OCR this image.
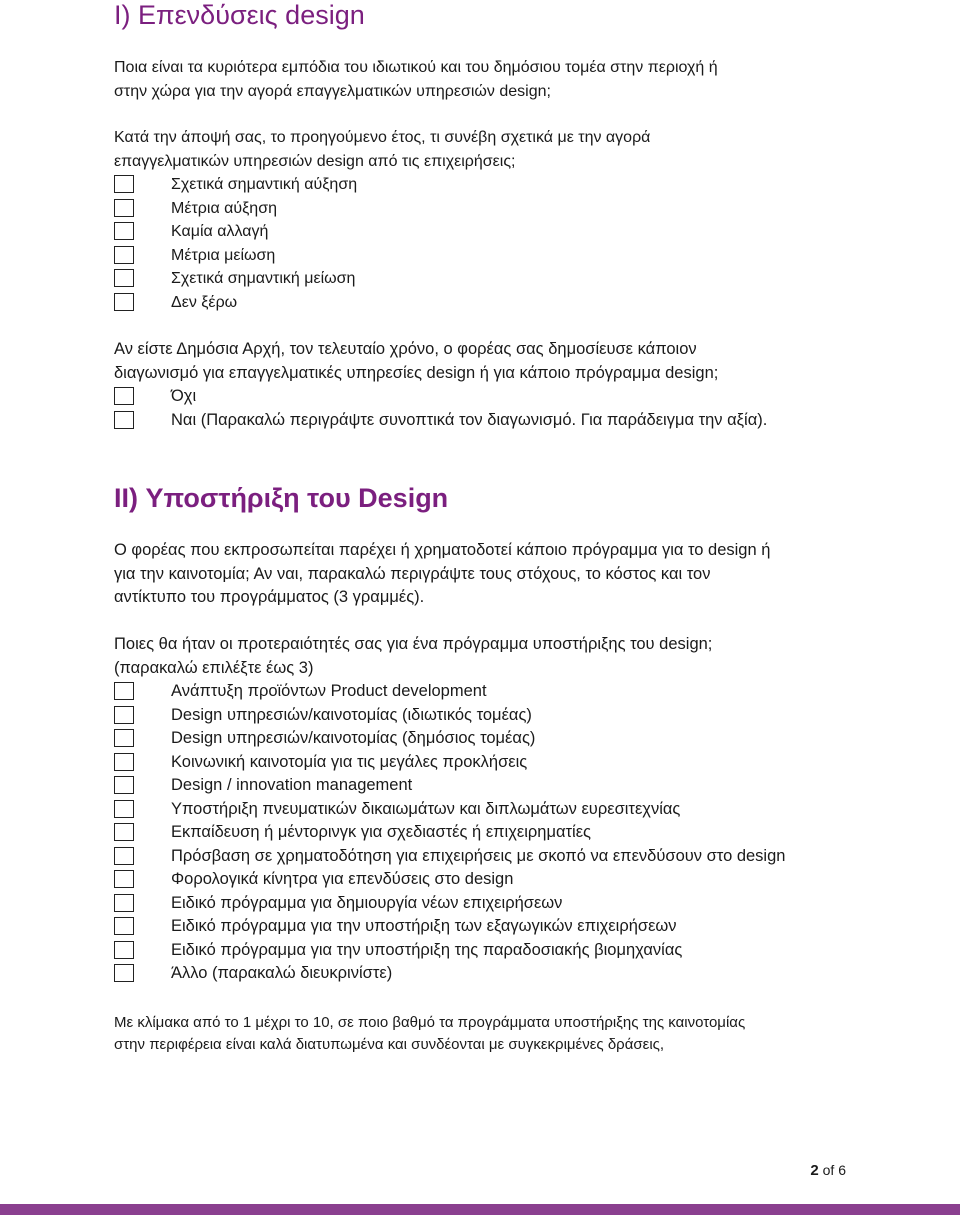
I) Επενδύσεις design
Ποια είναι τα κυριότερα εμπόδια του ιδιωτικού και του δημόσιου τομέα στην περιοχή ή
στην χώρα για την αγορά επαγγελματικών υπηρεσιών design;
Κατά την άποψή σας, το προηγούμενο έτος, τι συνέβη σχετικά με την αγορά
επαγγελματικών υπηρεσιών design από τις επιχειρήσεις;
Σχετικά σημαντική αύξηση
Μέτρια αύξηση
Καμία αλλαγή
Μέτρια μείωση
Σχετικά σημαντική μείωση
Δεν ξέρω
Αν είστε Δημόσια Αρχή, τον τελευταίο χρόνο, ο φορέας σας δημοσίευσε κάποιον
διαγωνισμό για επαγγελματικές υπηρεσίες design ή για κάποιο πρόγραμμα design;
Όχι
Ναι (Παρακαλώ περιγράψτε συνοπτικά τον διαγωνισμό. Για παράδειγμα την αξία).
II) Υποστήριξη του Design
Ο φορέας που εκπροσωπείται παρέχει ή χρηματοδοτεί κάποιο πρόγραμμα για το design ή
για την καινοτομία; Αν ναι, παρακαλώ περιγράψτε τους στόχους, το κόστος και τον
αντίκτυπο του προγράμματος (3 γραμμές).
Ποιες θα ήταν οι προτεραιότητές σας για ένα πρόγραμμα υποστήριξης του design;
(παρακαλώ επιλέξτε έως 3)
Ανάπτυξη προϊόντων Product development
Design υπηρεσιών/καινοτομίας (ιδιωτικός τομέας)
Design υπηρεσιών/καινοτομίας (δημόσιος τομέας)
Κοινωνική καινοτομία για τις μεγάλες προκλήσεις
Design / innovation management
Υποστήριξη πνευματικών δικαιωμάτων και διπλωμάτων ευρεσιτεχνίας
Εκπαίδευση ή μέντορινγκ για σχεδιαστές ή επιχειρηματίες
Πρόσβαση σε χρηματοδότηση για επιχειρήσεις με σκοπό να επενδύσουν στο design
Φορολογικά κίνητρα για επενδύσεις στο design
Ειδικό πρόγραμμα για δημιουργία νέων επιχειρήσεων
Ειδικό πρόγραμμα για την υποστήριξη των εξαγωγικών επιχειρήσεων
Ειδικό πρόγραμμα για την υποστήριξη της παραδοσιακής βιομηχανίας
Άλλο (παρακαλώ διευκρινίστε)
Με κλίμακα από το 1 μέχρι το 10, σε ποιο βαθμό τα προγράμματα υποστήριξης της καινοτομίας
στην περιφέρεια είναι καλά διατυπωμένα και συνδέονται με συγκεκριμένες δράσεις,
2 of 6
